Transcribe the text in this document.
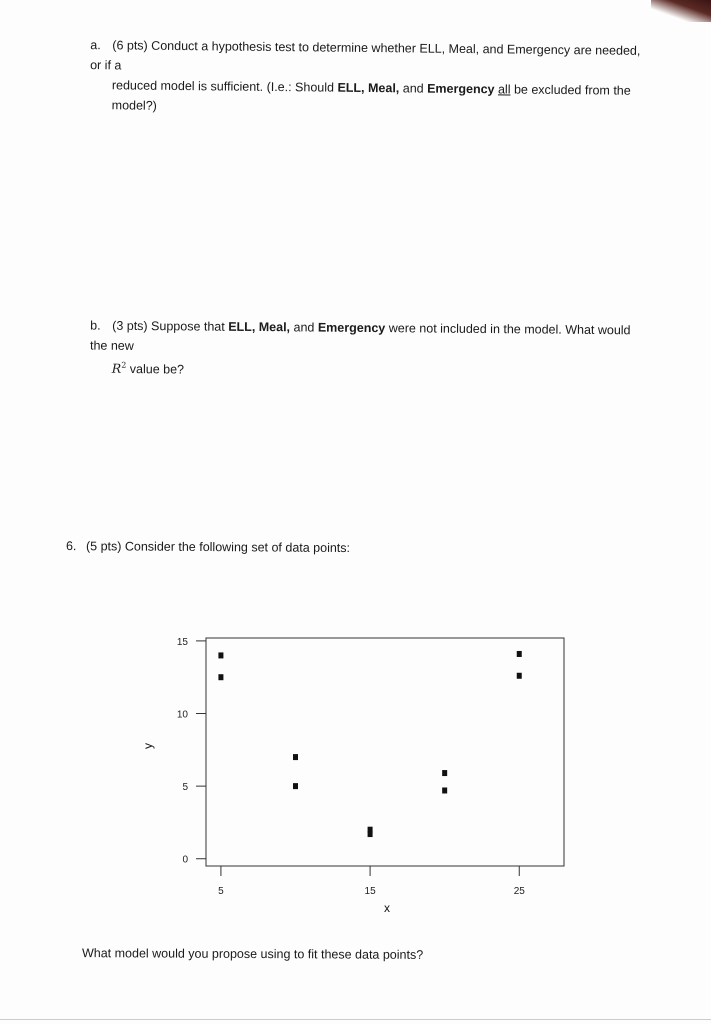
a. (6 pts) Conduct a hypothesis test to determine whether ELL, Meal, and Emergency are needed, or if a
reduced model is sufficient. (I.e.: Should ELL, Meal, and Emergency all be excluded from the model?)
b. (3 pts) Suppose that ELL, Meal, and Emergency were not included in the model. What would the new
$R^2$ value be?
6. (5 pts) Consider the following set of data points:
0
5
10
15
5	15	25
x
y
What model would you propose using to fit these data points?
